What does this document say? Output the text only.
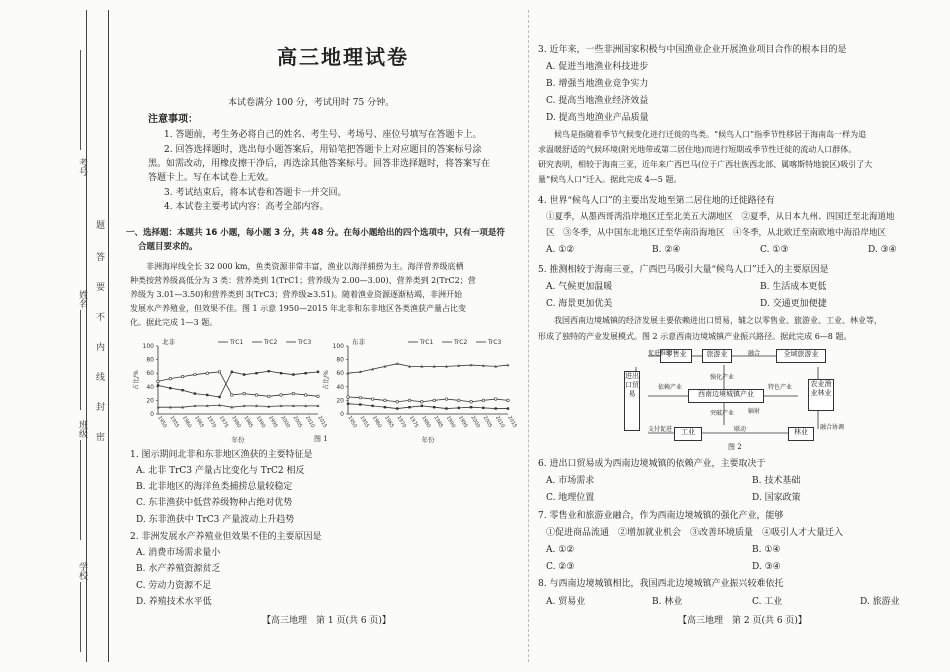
考号
姓名
班级
学校
题
答
要
不
内
线
封
密
高三地理试卷
本试卷满分 100 分，考试用时 75 分钟。
注意事项：
1. 答题前，考生务必将自己的姓名、考生号、考场号、座位号填写在答题卡上。
2. 回答选择题时，选出每小题答案后，用铅笔把答题卡上对应题目的答案标号涂
黑。如需改动，用橡皮擦干净后，再选涂其他答案标号。回答非选择题时，将答案写在
答题卡上。写在本试卷上无效。
3. 考试结束后，将本试卷和答题卡一并交回。
4. 本试卷主要考试内容：高考全部内容。
一、选择题：本题共 16 小题，每小题 3 分，共 48 分。在每小题给出的四个选项中，只有一项是符
合题目要求的。
非洲海岸线全长 32 000 km，鱼类资源非常丰富，渔业以海洋捕捞为主。海洋营养级底栖
种类按营养级高低分为 3 类：营养类到 1(TrC1；营养级为 2.00—3.00)、营养类到 2(TrC2；营
养级为 3.01—3.50)和营养类到 3(TrC3；营养级≥3.51)。随着渔业资源逐渐枯竭，非洲开始
发展水产养殖业，但效果不佳。图 1 示意 1950—2015 年北非和东非地区各类渔获产量占比变
化。据此完成 1—3 题。
0
20
40
60
80
100
1950 1955 1960 1965 1970 1975 1980 1985 1990 1995 2000 2005 2010 2015
北非
占比/%
年份
TrC1	TrC2	TrC3
0
20
40
60
80
100
1950 1955 1960 1965 1970 1975 1980 1985 1990 1995 2000 2005 2010 2015
东非
占比/%
年份
TrC1	TrC2	TrC3
图 1
1. 图示期间北非和东非地区渔获的主要特征是
A. 北非 TrC3 产量占比变化与 TrC2 相反
B. 北非地区的海洋鱼类捕捞总量较稳定
C. 东非渔获中低营养级物种占绝对优势
D. 东非渔获中 TrC3 产量波动上升趋势
2. 非洲发展水产养殖业但效果不佳的主要原因是
A. 消费市场需求量小
B. 水产养殖资源贫乏
C. 劳动力资源不足
D. 养殖技术水平低
【高三地理　第 1 页(共 6 页)】
3. 近年来，一些非洲国家积极与中国渔业企业开展渔业项目合作的根本目的是
A. 促进当地渔业科技进步
B. 增强当地渔业竞争实力
C. 提高当地渔业经济效益
D. 提高当地渔业产品质量
候鸟是指随着季节气候变化进行迁徙的鸟类。“候鸟人口”指季节性移居于海南岛一样为追
求温暖舒适的气候环境(附光地带或第二居住地)而进行短期或季节性迁徙的流动人口群体。
研究表明，相较于海南三亚，近年来广西巴马(位于广西壮族西北部、属喀斯特地貌区)吸引了大
量“候鸟人口”迁入。据此完成 4—5 题。
4. 世界“候鸟人口”的主要出发地至第二居住地的迁徙路径有
①夏季，从墨西哥湾沿岸地区迁至北美五大湖地区　②夏季，从日本九州、四国迁至北海道地
区　③冬季，从中国东北地区迁至华南沿海地区　④冬季，从北欧迁至南欧地中海沿岸地区
A. ①②	B. ②④	C. ①③	D. ③④
5. 推测相较于海南三亚，广西巴马吸引大量“候鸟人口”迁入的主要原因是
A. 气候更加温暖	B. 生活成本更低
C. 海景更加优美	D. 交通更加便捷
我国西南边境城镇的经济发展主要依赖进出口贸易，辅之以零售业、旅游业、工业、林业等，
形成了独特的产业发展模式。图 2 示意西南边境城镇产业振兴路径。据此完成 6—8 题。
进出口贸易
零售业	旅游业	全域旅游业
西南边境城镇产业
农业渔业林业
工业	林业
促进推动	融合
依赖产业
强化产业
特色产业
突破产业
支付促进	融合协调
联动
辐射
图 2
6. 进出口贸易成为西南边境城镇的依赖产业，主要取决于
A. 市场需求	B. 技术基础
C. 地理位置	D. 国家政策
7. 零售业和旅游业融合，作为西南边境城镇的强化产业，能够
①促进商品流通　②增加就业机会　③改善环境质量　④吸引人才大量迁入
A. ①②	B. ①④
C. ②③	D. ③④
8. 与西南边境城镇相比，我国西北边境城镇产业振兴较难依托
A. 贸易业	B. 林业	C. 工业	D. 旅游业
【高三地理　第 2 页(共 6 页)】
